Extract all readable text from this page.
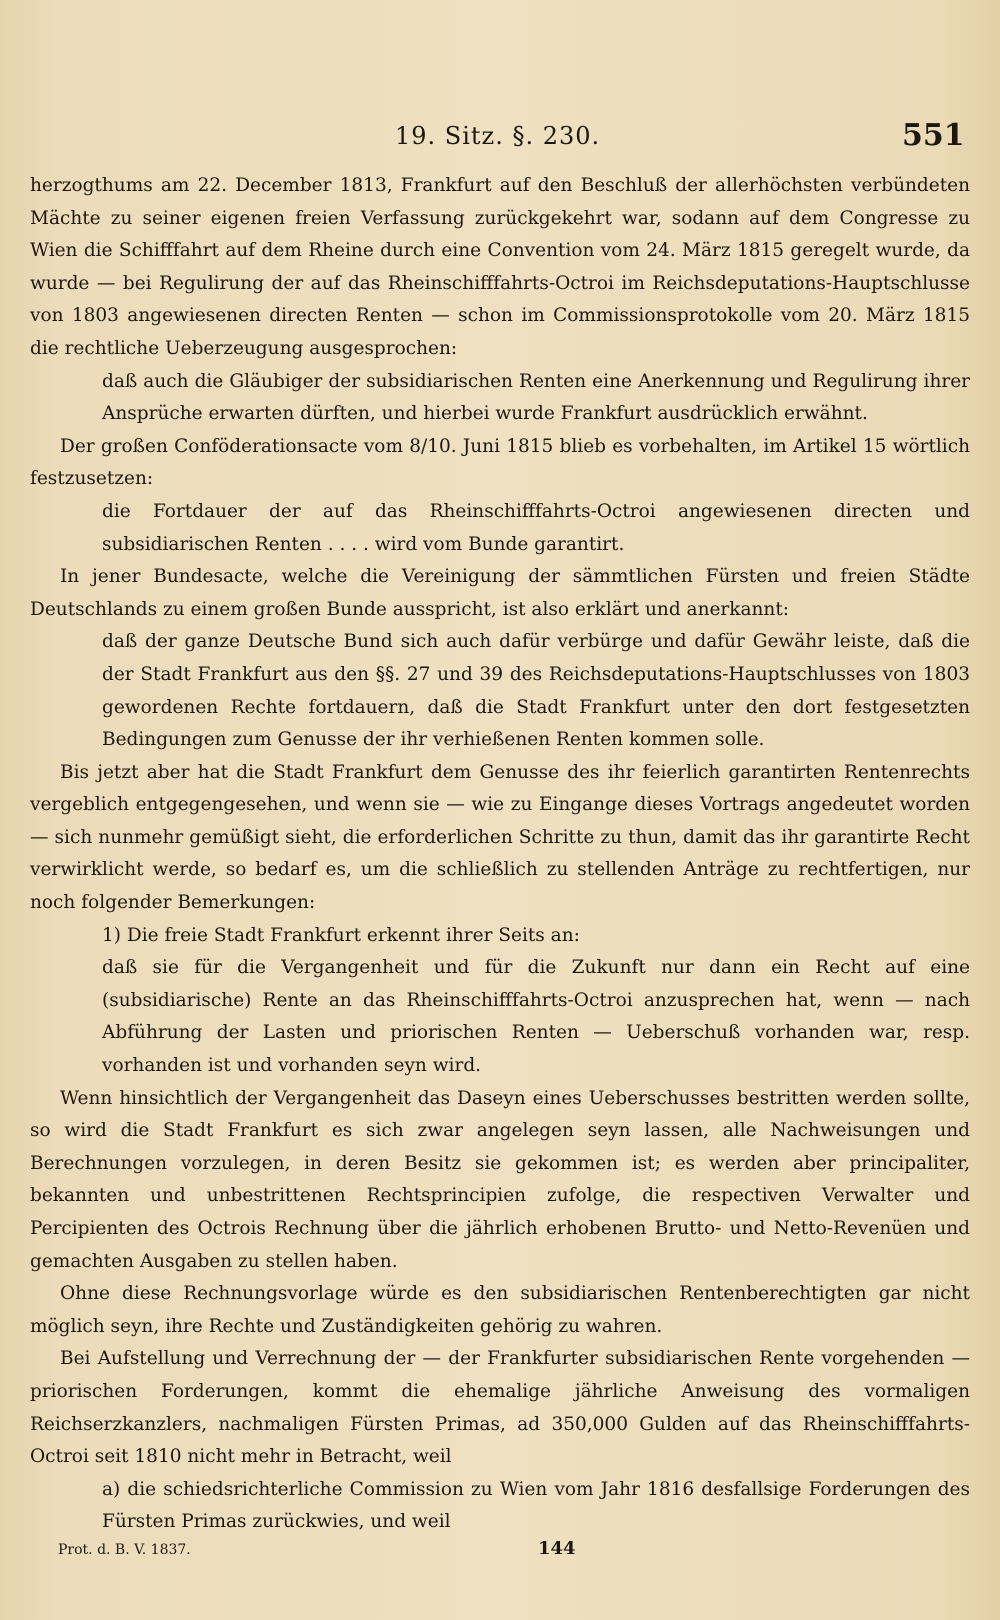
19. Sitz. §. 230.	551

herzogthums am 22. December 1813, Frankfurt auf den Beschluß der allerhöchsten verbündeten Mächte zu seiner eigenen freien Verfassung zurückgekehrt war, sodann auf dem Congresse zu Wien die Schifffahrt auf dem Rheine durch eine Convention vom 24. März 1815 geregelt wurde, da wurde — bei Regulirung der auf das Rheinschifffahrts-Octroi im Reichsdeputations-Hauptschlusse von 1803 angewiesenen directen Renten — schon im Commissionsprotokolle vom 20. März 1815 die rechtliche Ueberzeugung ausgesprochen:

daß auch die Gläubiger der subsidiarischen Renten eine Anerkennung und Regulirung ihrer Ansprüche erwarten dürften, und hierbei wurde Frankfurt ausdrücklich erwähnt.

Der großen Conföderationsacte vom 8/10. Juni 1815 blieb es vorbehalten, im Artikel 15 wörtlich festzusetzen:

die Fortdauer der auf das Rheinschifffahrts-Octroi angewiesenen directen und subsidiarischen Renten . . . . wird vom Bunde garantirt.

In jener Bundesacte, welche die Vereinigung der sämmtlichen Fürsten und freien Städte Deutschlands zu einem großen Bunde ausspricht, ist also erklärt und anerkannt:

daß der ganze Deutsche Bund sich auch dafür verbürge und dafür Gewähr leiste, daß die der Stadt Frankfurt aus den §§. 27 und 39 des Reichsdeputations-Hauptschlusses von 1803 gewordenen Rechte fortdauern, daß die Stadt Frankfurt unter den dort festgesetzten Bedingungen zum Genusse der ihr verhießenen Renten kommen solle.

Bis jetzt aber hat die Stadt Frankfurt dem Genusse des ihr feierlich garantirten Rentenrechts vergeblich entgegengesehen, und wenn sie — wie zu Eingange dieses Vortrags angedeutet worden — sich nunmehr gemüßigt sieht, die erforderlichen Schritte zu thun, damit das ihr garantirte Recht verwirklicht werde, so bedarf es, um die schließlich zu stellenden Anträge zu rechtfertigen, nur noch folgender Bemerkungen:

1) Die freie Stadt Frankfurt erkennt ihrer Seits an:

daß sie für die Vergangenheit und für die Zukunft nur dann ein Recht auf eine (subsidiarische) Rente an das Rheinschifffahrts-Octroi anzusprechen hat, wenn — nach Abführung der Lasten und priorischen Renten — Ueberschuß vorhanden war, resp. vorhanden ist und vorhanden seyn wird.

Wenn hinsichtlich der Vergangenheit das Daseyn eines Ueberschusses bestritten werden sollte, so wird die Stadt Frankfurt es sich zwar angelegen seyn lassen, alle Nachweisungen und Berechnungen vorzulegen, in deren Besitz sie gekommen ist; es werden aber principaliter, bekannten und unbestrittenen Rechtsprincipien zufolge, die respectiven Verwalter und Percipienten des Octrois Rechnung über die jährlich erhobenen Brutto- und Netto-Revenüen und gemachten Ausgaben zu stellen haben.

Ohne diese Rechnungsvorlage würde es den subsidiarischen Rentenberechtigten gar nicht möglich seyn, ihre Rechte und Zuständigkeiten gehörig zu wahren.

Bei Aufstellung und Verrechnung der — der Frankfurter subsidiarischen Rente vorgehenden — priorischen Forderungen, kommt die ehemalige jährliche Anweisung des vormaligen Reichserzkanzlers, nachmaligen Fürsten Primas, ad 350,000 Gulden auf das Rheinschifffahrts-Octroi seit 1810 nicht mehr in Betracht, weil

a) die schiedsrichterliche Commission zu Wien vom Jahr 1816 desfallsige Forderungen des Fürsten Primas zurückwies, und weil

Prot. d. B. V. 1837.	144
